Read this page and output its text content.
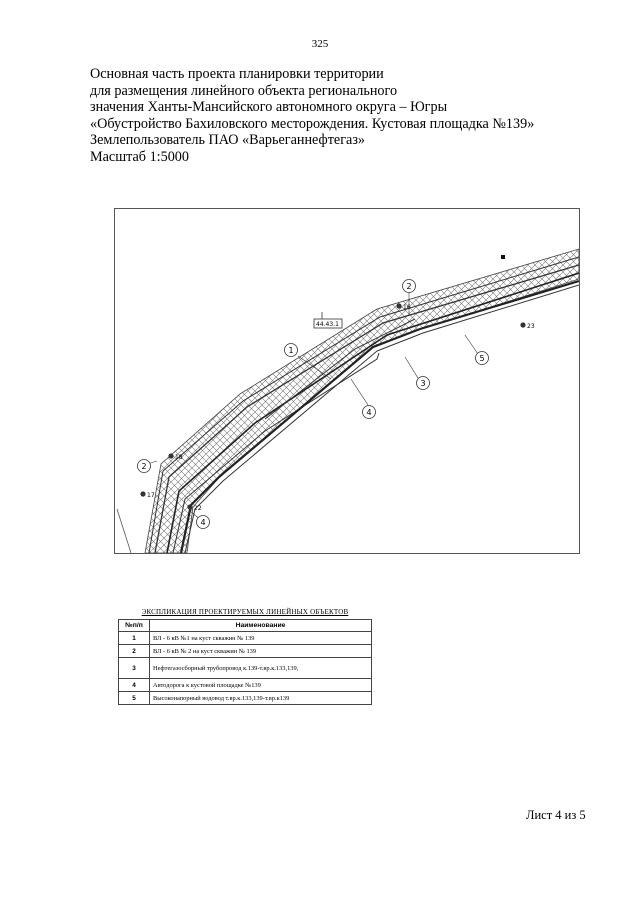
325
Основная часть проекта планировки территории
для размещения линейного объекта регионального
значения Ханты-Мансийского автономного округа – Югры
«Обустройство Бахиловского месторождения. Кустовая площадка №139»
Землепользователь ПАО «Варьеганнефтегаз»
Масштаб 1:5000
16
23
18
17
22
44.43.1
1
2
2
3
4
4
5
ЭКСПЛИКАЦИЯ ПРОЕКТИРУЕМЫХ ЛИНЕЙНЫХ ОБЪЕКТОВ
№п/п	Наименование
1	ВЛ - 6 кВ №1 на куст скважин № 139
2	ВЛ - 6 кВ № 2 на куст скважин № 139
3	Нефтегазосборный трубопровод к.139-т.вр.к.133,139,
4	Автодорога к кустовой площадке №139
5	Высоконапорный водовод т.вр.к.133,139-т.вр.к139
Лист 4 из 5
